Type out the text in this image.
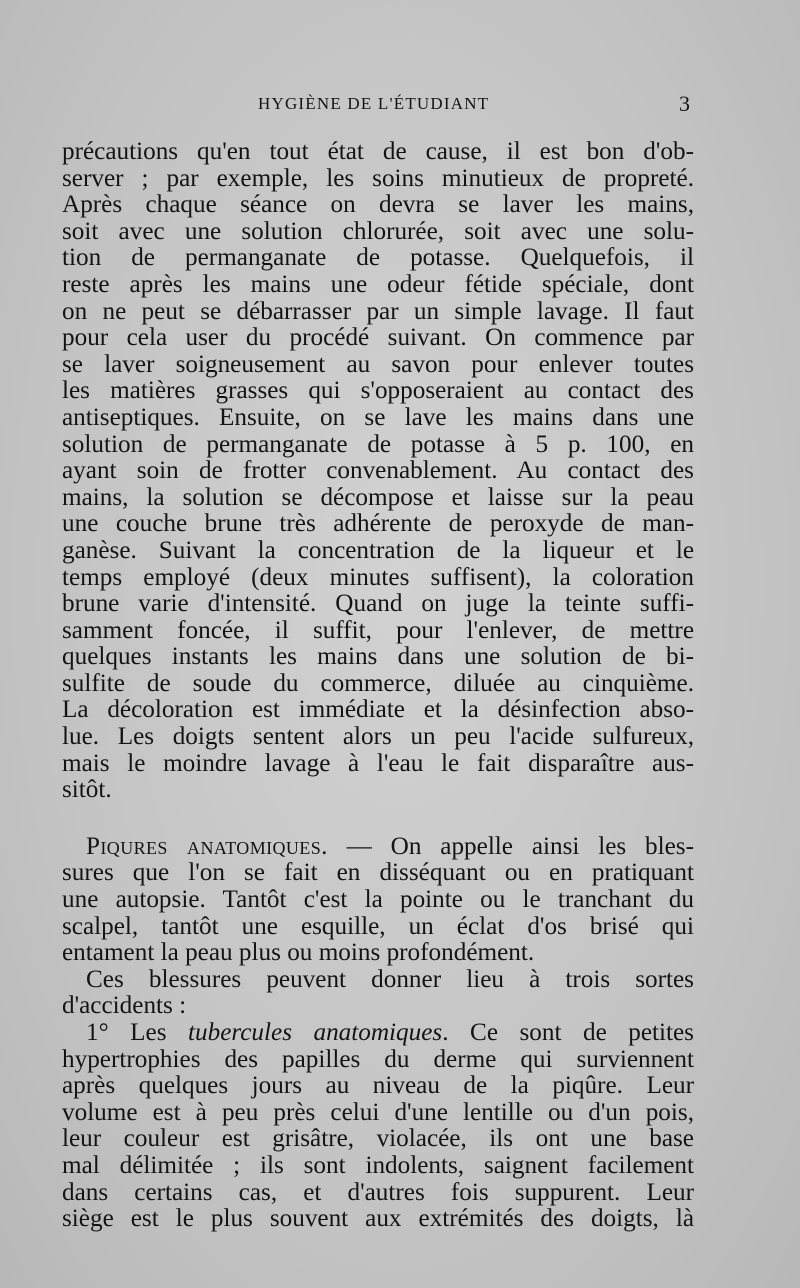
HYGIÈNE DE L'ÉTUDIANT	3
précautions qu'en tout état de cause, il est bon d'ob-
server ; par exemple, les soins minutieux de propreté.
Après chaque séance on devra se laver les mains,
soit avec une solution chlorurée, soit avec une solu-
tion de permanganate de potasse. Quelquefois, il
reste après les mains une odeur fétide spéciale, dont
on ne peut se débarrasser par un simple lavage. Il faut
pour cela user du procédé suivant. On commence par
se laver soigneusement au savon pour enlever toutes
les matières grasses qui s'opposeraient au contact des
antiseptiques. Ensuite, on se lave les mains dans une
solution de permanganate de potasse à 5 p. 100, en
ayant soin de frotter convenablement. Au contact des
mains, la solution se décompose et laisse sur la peau
une couche brune très adhérente de peroxyde de man-
ganèse. Suivant la concentration de la liqueur et le
temps employé (deux minutes suffisent), la coloration
brune varie d'intensité. Quand on juge la teinte suffi-
samment foncée, il suffit, pour l'enlever, de mettre
quelques instants les mains dans une solution de bi-
sulfite de soude du commerce, diluée au cinquième.
La décoloration est immédiate et la désinfection abso-
lue. Les doigts sentent alors un peu l'acide sulfureux,
mais le moindre lavage à l'eau le fait disparaître aus-
sitôt.
Piqures anatomiques. — On appelle ainsi les bles-
sures que l'on se fait en disséquant ou en pratiquant
une autopsie. Tantôt c'est la pointe ou le tranchant du
scalpel, tantôt une esquille, un éclat d'os brisé qui
entament la peau plus ou moins profondément.
Ces blessures peuvent donner lieu à trois sortes
d'accidents :
1° Les tubercules anatomiques. Ce sont de petites
hypertrophies des papilles du derme qui surviennent
après quelques jours au niveau de la piqûre. Leur
volume est à peu près celui d'une lentille ou d'un pois,
leur couleur est grisâtre, violacée, ils ont une base
mal délimitée ; ils sont indolents, saignent facilement
dans certains cas, et d'autres fois suppurent. Leur
siège est le plus souvent aux extrémités des doigts, là
